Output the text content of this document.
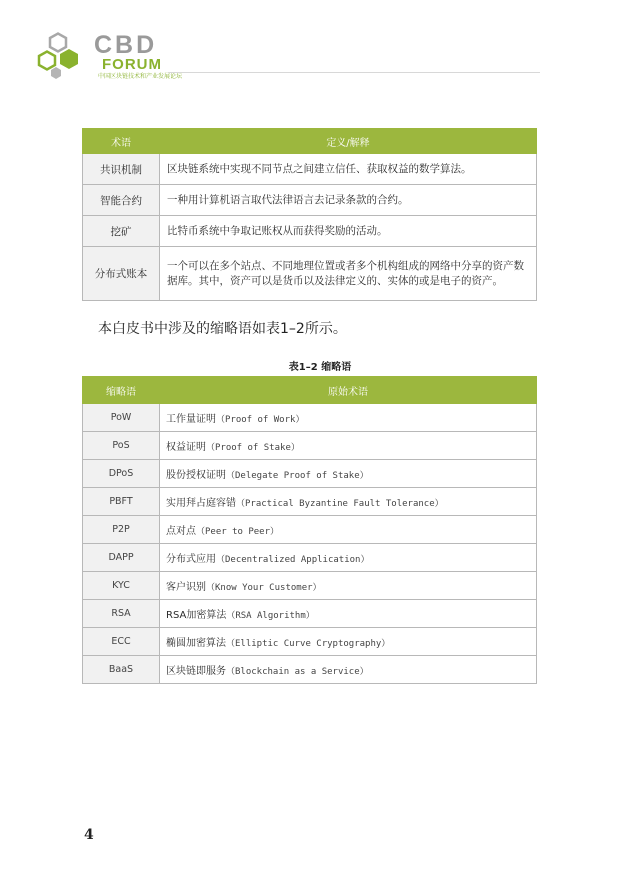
CBD
FORUM
中国区块链技术和产业发展论坛
术语	定义/解释
共识机制	区块链系统中实现不同节点之间建立信任、获取权益的数学算法。
智能合约	一种用计算机语言取代法律语言去记录条款的合约。
挖矿	比特币系统中争取记账权从而获得奖励的活动。
分布式账本	一个可以在多个站点、不同地理位置或者多个机构组成的网络中分享的资产数据库。其中，资产可以是货币以及法律定义的、实体的或是电子的资产。
本白皮书中涉及的缩略语如表1–2所示。
表1–2 缩略语
缩略语	原始术语
PoW	工作量证明（Proof of Work）
PoS	权益证明（Proof of Stake）
DPoS	股份授权证明（Delegate Proof of Stake）
PBFT	实用拜占庭容错（Practical Byzantine Fault Tolerance）
P2P	点对点（Peer to Peer）
DAPP	分布式应用（Decentralized Application）
KYC	客户识别（Know Your Customer）
RSA	RSA加密算法（RSA Algorithm）
ECC	椭圆加密算法（Elliptic Curve Cryptography）
BaaS	区块链即服务（Blockchain as a Service）
4
